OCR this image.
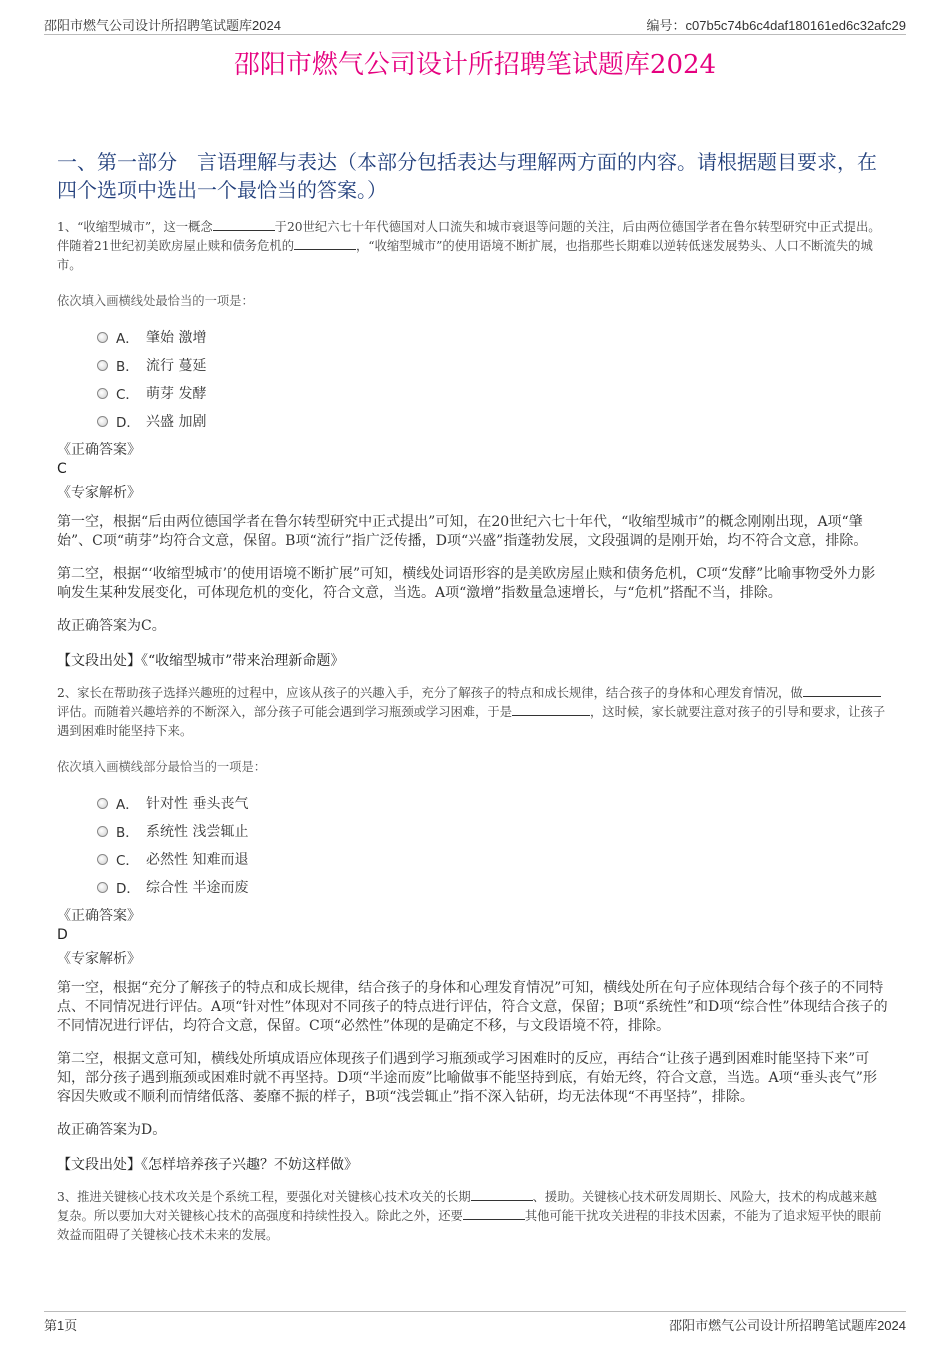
邵阳市燃气公司设计所招聘笔试题库2024	编号：c07b5c74b6c4daf180161ed6c32afc29
邵阳市燃气公司设计所招聘笔试题库2024
一、第一部分　言语理解与表达（本部分包括表达与理解两方面的内容。请根据题目要求，在四个选项中选出一个最恰当的答案。）

1、“收缩型城市”，这一概念	于20世纪六七十年代德国对人口流失和城市衰退等问题的关注，后由两位德国学者在鲁尔转型研究中正式提出。伴随着21世纪初美欧房屋止赎和债务危机的	，“收缩型城市”的使用语境不断扩展，也指那些长期难以逆转低迷发展势头、人口不断流失的城市。

依次填入画横线处最恰当的一项是：
A． 肇始 激增
B． 流行 蔓延
C． 萌芽 发酵
D． 兴盛 加剧
《正确答案》
C
《专家解析》

第一空，根据“后由两位德国学者在鲁尔转型研究中正式提出”可知，在20世纪六七十年代，“收缩型城市”的概念刚刚出现，A项“肇始”、C项“萌芽”均符合文意，保留。B项“流行”指广泛传播，D项“兴盛”指蓬勃发展，文段强调的是刚开始，均不符合文意，排除。

第二空，根据“‘收缩型城市’的使用语境不断扩展”可知，横线处词语形容的是美欧房屋止赎和债务危机，C项“发酵”比喻事物受外力影响发生某种发展变化，可体现危机的变化，符合文意，当选。A项“激增”指数量急速增长，与“危机”搭配不当，排除。

故正确答案为C。

【文段出处】《“收缩型城市”带来治理新命题》

2、家长在帮助孩子选择兴趣班的过程中，应该从孩子的兴趣入手，充分了解孩子的特点和成长规律，结合孩子的身体和心理发育情况，做评估。而随着兴趣培养的不断深入，部分孩子可能会遇到学习瓶颈或学习困难，于是	，这时候，家长就要注意对孩子的引导和要求，让孩子遇到困难时能坚持下来。

依次填入画横线部分最恰当的一项是：
A． 针对性 垂头丧气
B． 系统性 浅尝辄止
C． 必然性 知难而退
D． 综合性 半途而废
《正确答案》
D
《专家解析》

第一空，根据“充分了解孩子的特点和成长规律，结合孩子的身体和心理发育情况”可知，横线处所在句子应体现结合每个孩子的不同特点、不同情况进行评估。A项“针对性”体现对不同孩子的特点进行评估，符合文意，保留；B项“系统性”和D项“综合性”体现结合孩子的不同情况进行评估，均符合文意，保留。C项“必然性”体现的是确定不移，与文段语境不符，排除。

第二空，根据文意可知，横线处所填成语应体现孩子们遇到学习瓶颈或学习困难时的反应，再结合“让孩子遇到困难时能坚持下来”可知，部分孩子遇到瓶颈或困难时就不再坚持。D项“半途而废”比喻做事不能坚持到底，有始无终，符合文意，当选。A项“垂头丧气”形容因失败或不顺利而情绪低落、萎靡不振的样子，B项“浅尝辄止”指不深入钻研，均无法体现“不再坚持”，排除。

故正确答案为D。

【文段出处】《怎样培养孩子兴趣？不妨这样做》

3、推进关键核心技术攻关是个系统工程，要强化对关键核心技术攻关的长期	、援助。关键核心技术研发周期长、风险大，技术的构成越来越复杂。所以要加大对关键核心技术的高强度和持续性投入。除此之外，还要	其他可能干扰攻关进程的非技术因素，不能为了追求短平快的眼前效益而阻碍了关键核心技术未来的发展。

第1页	邵阳市燃气公司设计所招聘笔试题库2024
